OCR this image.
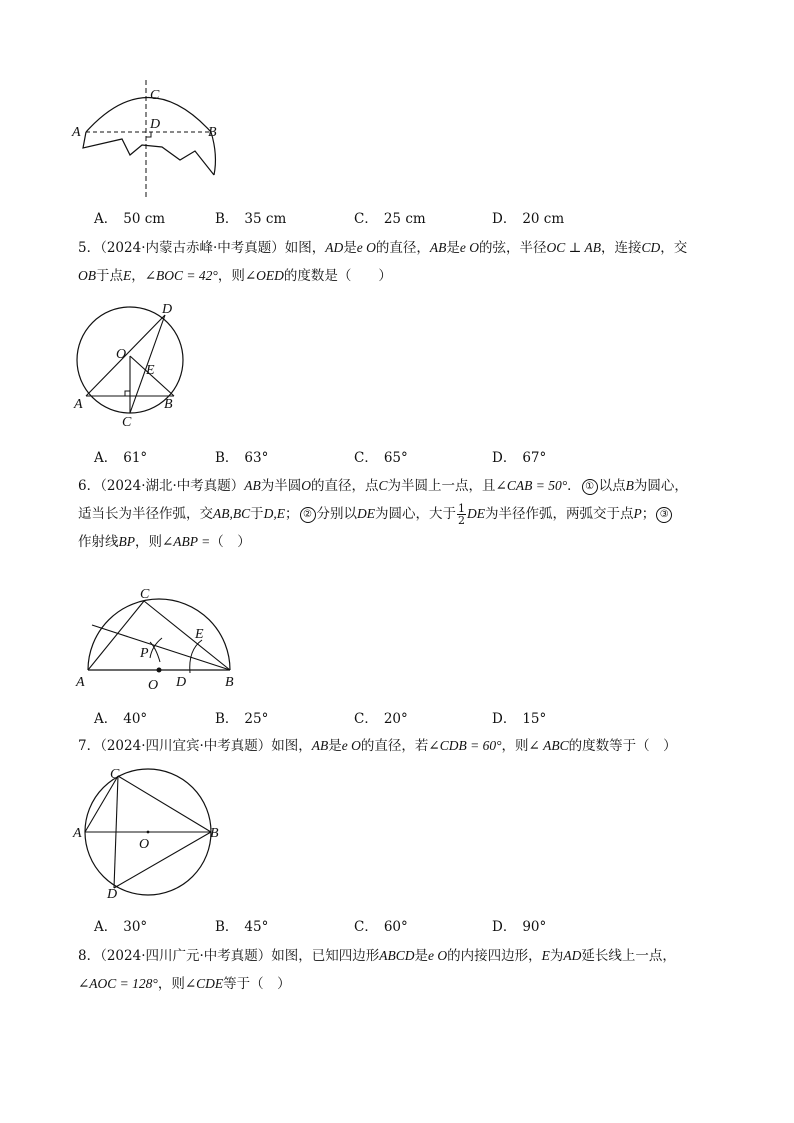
A	B
C
D
A． 50 cm	B． 35 cm	C． 25 cm	D． 20 cm
5．（2024·内蒙古赤峰·中考真题）如图，AD是e O的直径，AB是e O的弦，半径OC ⊥ AB，连接CD，交
OB于点E，∠BOC = 42°，则∠OED的度数是（　　）
D
O
E
A	B
C
A． 61°	B． 63°	C． 65°	D． 67°
6．（2024·湖北·中考真题）AB为半圆O的直径，点C为半圆上一点，且∠CAB = 50°． ① 以点B为圆心，
适当长为半径作弧，交AB,BC于D,E； ② 分别以DE为圆心，大于 $\frac{1}{2}$ DE为半径作弧，两弧交于点P； ③
作射线BP，则∠ABP =（　）
C
E
P
A	O D	B
A． 40°	B． 25°	C． 20°	D． 15°
7．（2024·四川宜宾·中考真题）如图，AB是e O的直径，若∠CDB = 60°，则∠ ABC的度数等于（　）
C
A
O
B
D
A． 30°	B． 45°	C． 60°	D． 90°
8．（2024·四川广元·中考真题）如图，已知四边形ABCD是e O的内接四边形，E为AD延长线上一点，
∠AOC = 128°，则∠CDE等于（　）
